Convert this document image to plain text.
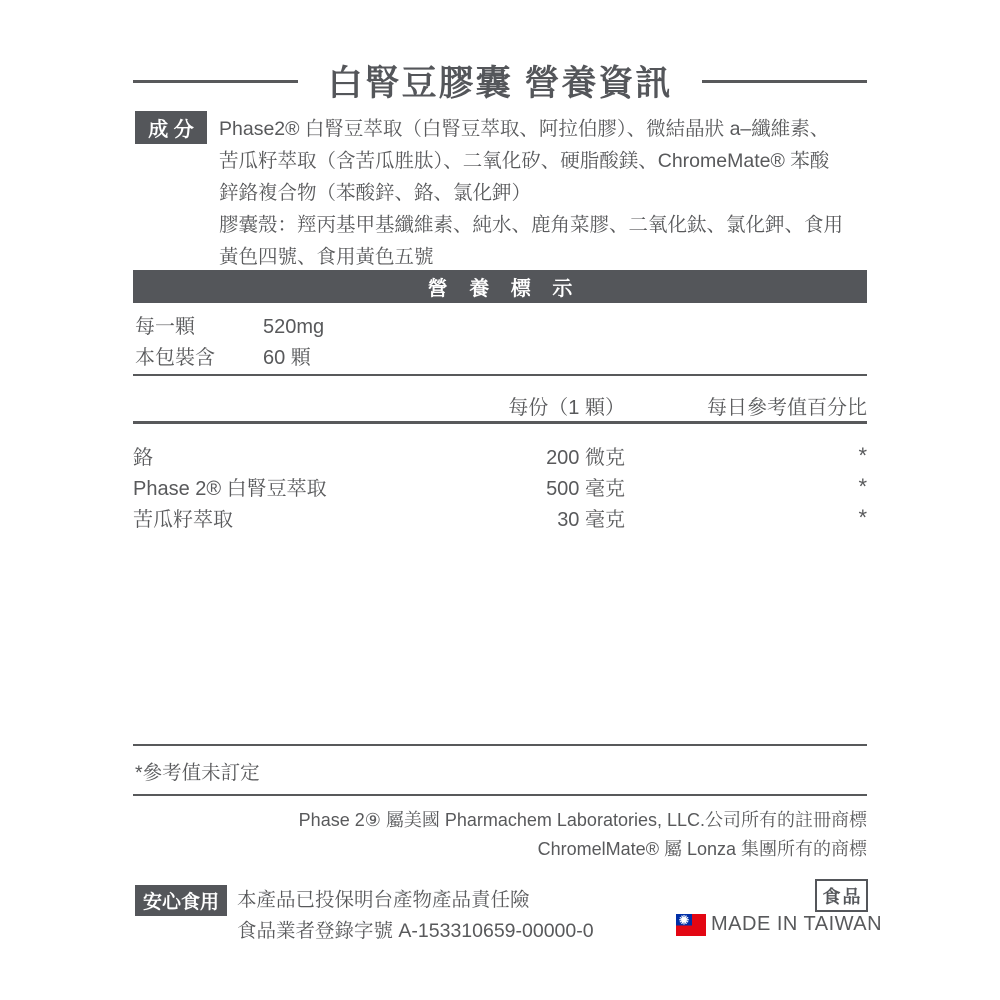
白腎豆膠囊 營養資訊
成 分	Phase2® 白腎豆萃取（白腎豆萃取、阿拉伯膠）、微結晶狀 a–纖維素、
苦瓜籽萃取（含苦瓜胜肽）、二氧化矽、硬脂酸鎂、ChromeMate® 苯酸
鋅鉻複合物（苯酸鋅、鉻、氯化鉀）
膠囊殼：羥丙基甲基纖維素、純水、鹿角菜膠、二氧化鈦、氯化鉀、食用
黃色四號、食用黃色五號
營 養 標 示
每一顆	520mg
本包裝含	60 顆
每份（1 顆）	每日參考值百分比
鉻	200 微克	*
Phase 2® 白腎豆萃取	500 毫克	*
苦瓜籽萃取	30 毫克	*
*參考值未訂定
Phase 2⑨ 屬美國 Pharmachem Laboratories, LLC.公司所有的註冊商標
ChromelMate® 屬 Lonza 集團所有的商標
安心食用 本產品已投保明台產物產品責任險
食品業者登錄字號 A-153310659-00000-0
食品
MADE IN TAIWAN
